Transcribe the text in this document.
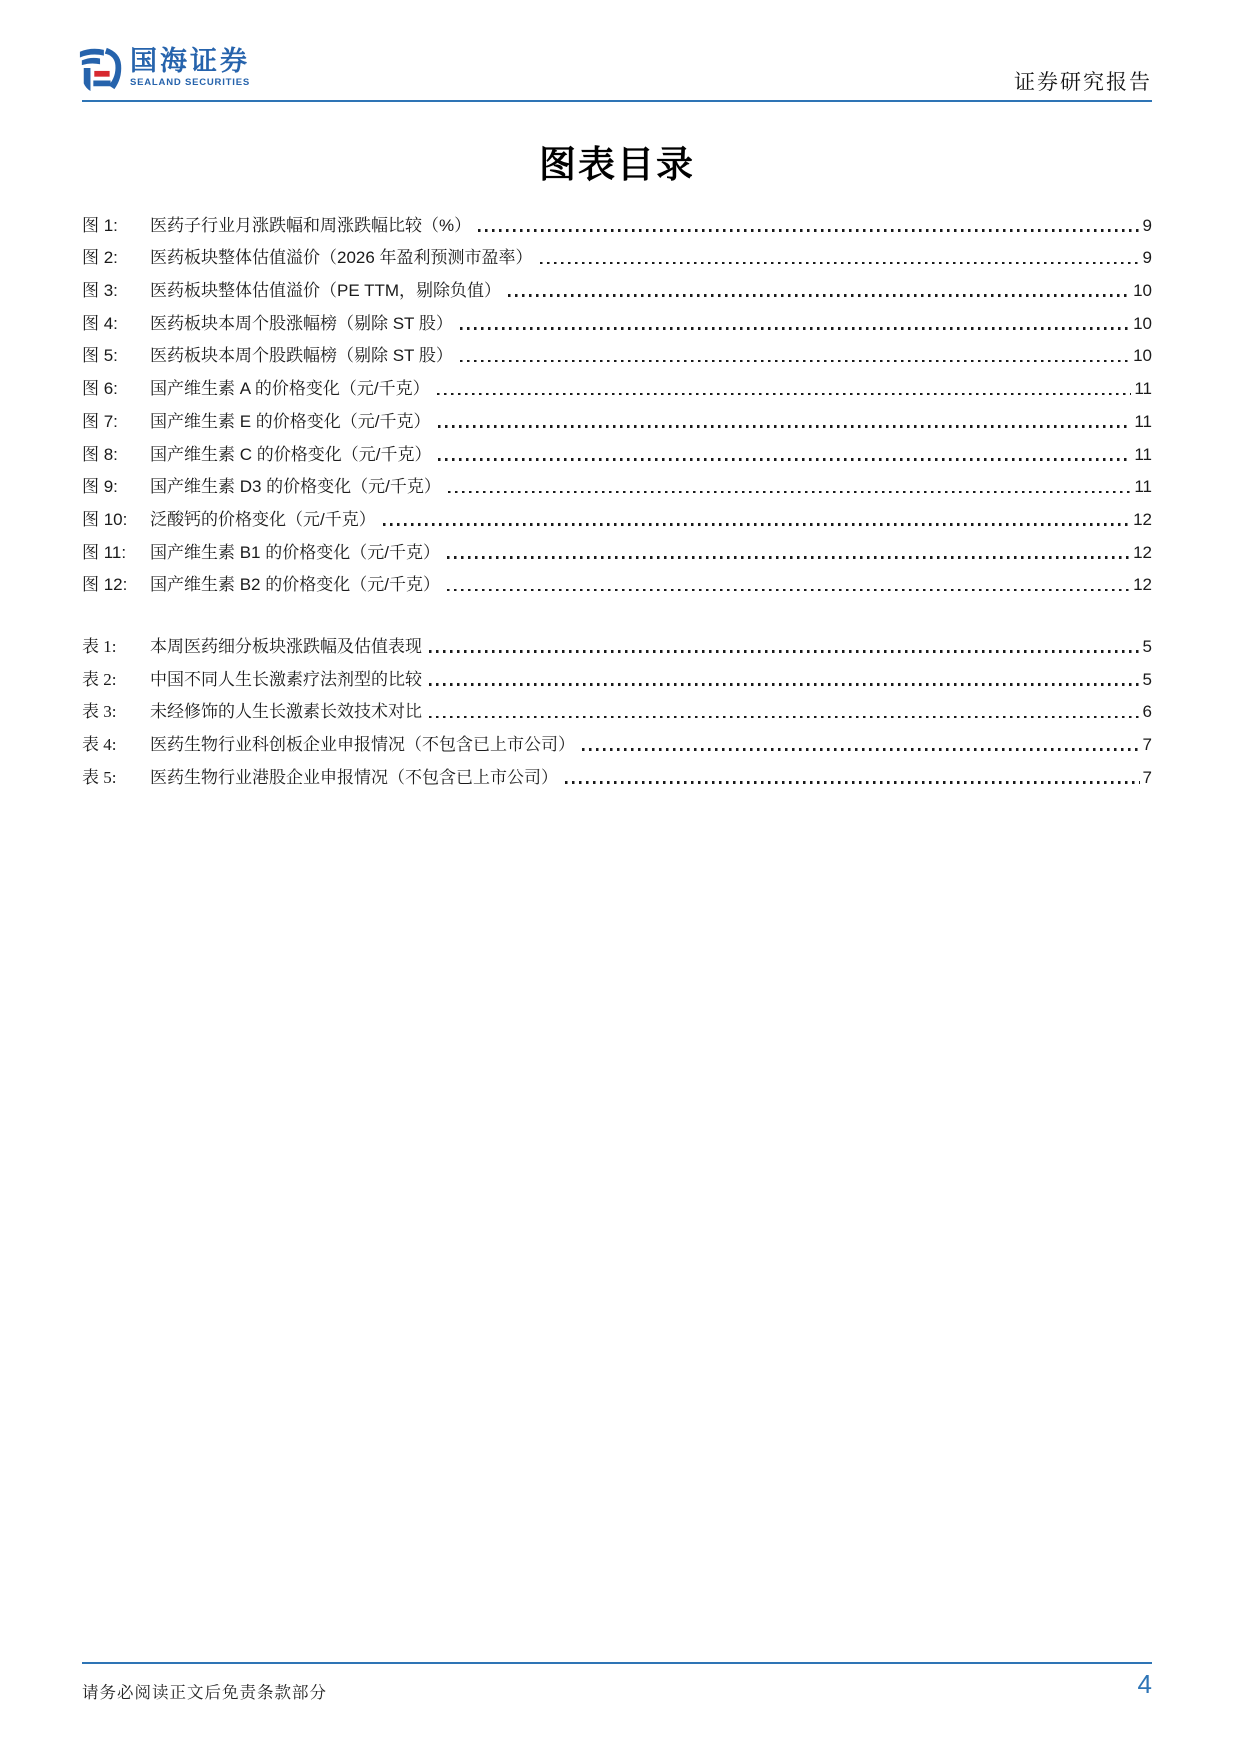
国海证券
SEALAND SECURITIES	证券研究报告
图表目录
图 1:	医药子行业月涨跌幅和周涨跌幅比较（%）	9
图 2:	医药板块整体估值溢价（2026 年盈利预测市盈率）	9
图 3:	医药板块整体估值溢价（PE TTM，剔除负值）	10
图 4:	医药板块本周个股涨幅榜（剔除 ST 股）	10
图 5:	医药板块本周个股跌幅榜（剔除 ST 股）	10
图 6:	国产维生素 A 的价格变化（元/千克）	11
图 7:	国产维生素 E 的价格变化（元/千克）	11
图 8:	国产维生素 C 的价格变化（元/千克）	11
图 9:	国产维生素 D3 的价格变化（元/千克）	11
图 10:	泛酸钙的价格变化（元/千克）	12
图 11:	国产维生素 B1 的价格变化（元/千克）	12
图 12:	国产维生素 B2 的价格变化（元/千克）	12
表 1:	本周医药细分板块涨跌幅及估值表现	5
表 2:	中国不同人生长激素疗法剂型的比较	5
表 3:	未经修饰的人生长激素长效技术对比	6
表 4:	医药生物行业科创板企业申报情况（不包含已上市公司）	7
表 5:	医药生物行业港股企业申报情况（不包含已上市公司）	7
请务必阅读正文后免责条款部分	4
